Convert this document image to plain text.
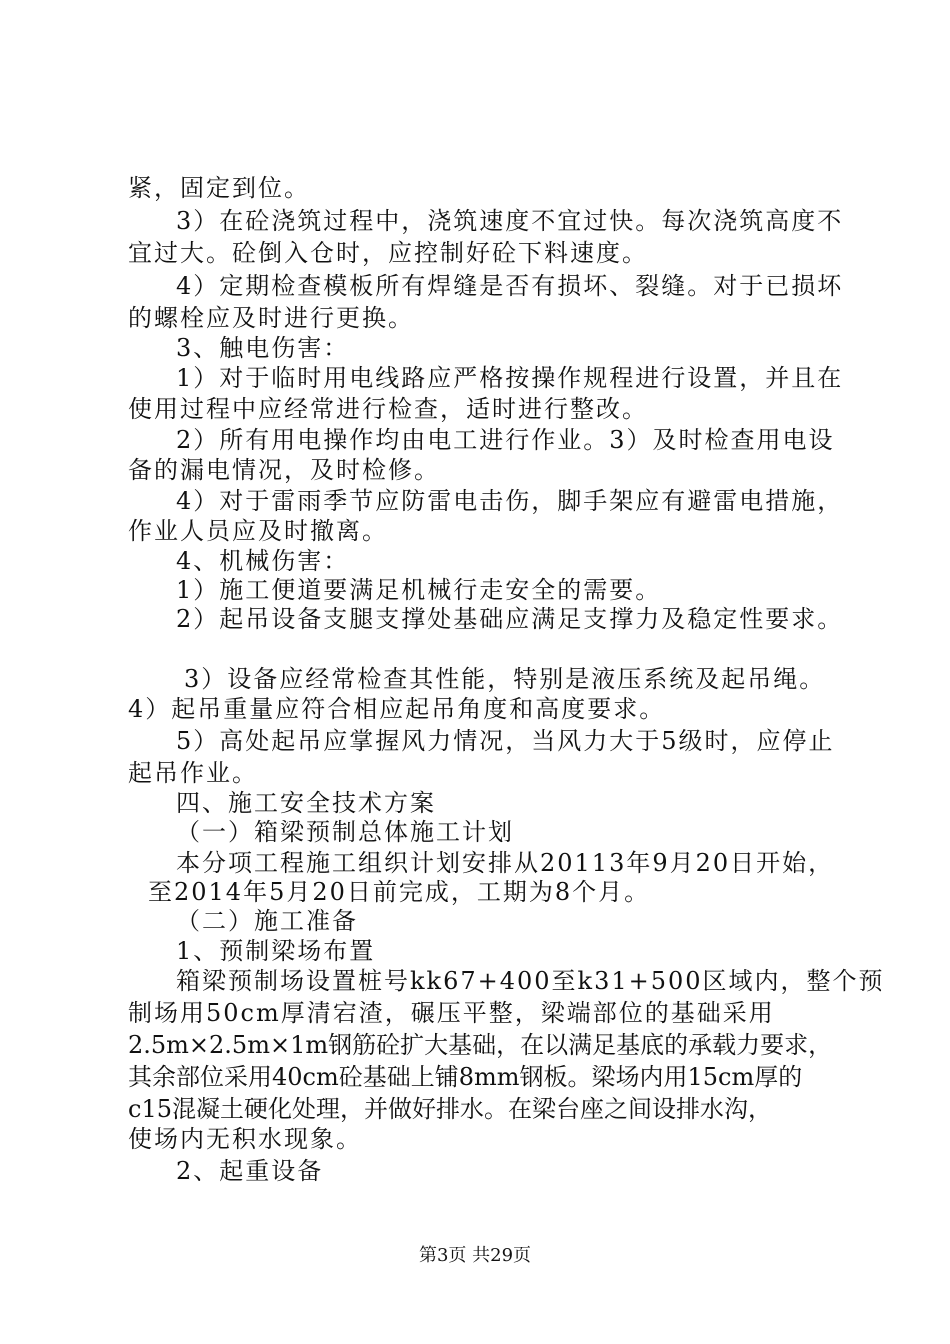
紧，固定到位。
3）在砼浇筑过程中，浇筑速度不宜过快。每次浇筑高度不
宜过大。砼倒入仓时，应控制好砼下料速度。
4）定期检查模板所有焊缝是否有损坏、裂缝。对于已损坏
的螺栓应及时进行更换。
3、触电伤害：
1）对于临时用电线路应严格按操作规程进行设置，并且在
使用过程中应经常进行检查，适时进行整改。
2）所有用电操作均由电工进行作业。3）及时检查用电设
备的漏电情况，及时检修。
4）对于雷雨季节应防雷电击伤，脚手架应有避雷电措施，
作业人员应及时撤离。
4、机械伤害：
1）施工便道要满足机械行走安全的需要。
2）起吊设备支腿支撑处基础应满足支撑力及稳定性要求。
3）设备应经常检查其性能，特别是液压系统及起吊绳。
4）起吊重量应符合相应起吊角度和高度要求。
5）高处起吊应掌握风力情况，当风力大于5级时，应停止
起吊作业。
四、施工安全技术方案
（一）箱梁预制总体施工计划
本分项工程施工组织计划安排从20113年9月20日开始，
至2014年5月20日前完成，工期为8个月。
（二）施工准备
1、预制梁场布置
箱梁预制场设置桩号kk67+400至k31+500区域内，整个预
制场用50cm厚清宕渣，碾压平整，梁端部位的基础采用
2.5m×2.5m×1m钢筋砼扩大基础，在以满足基底的承载力要求，
其余部位采用40cm砼基础上铺8mm钢板。梁场内用15cm厚的
c15混凝土硬化处理，并做好排水。在梁台座之间设排水沟，
使场内无积水现象。
2、起重设备
第3页 共29页
